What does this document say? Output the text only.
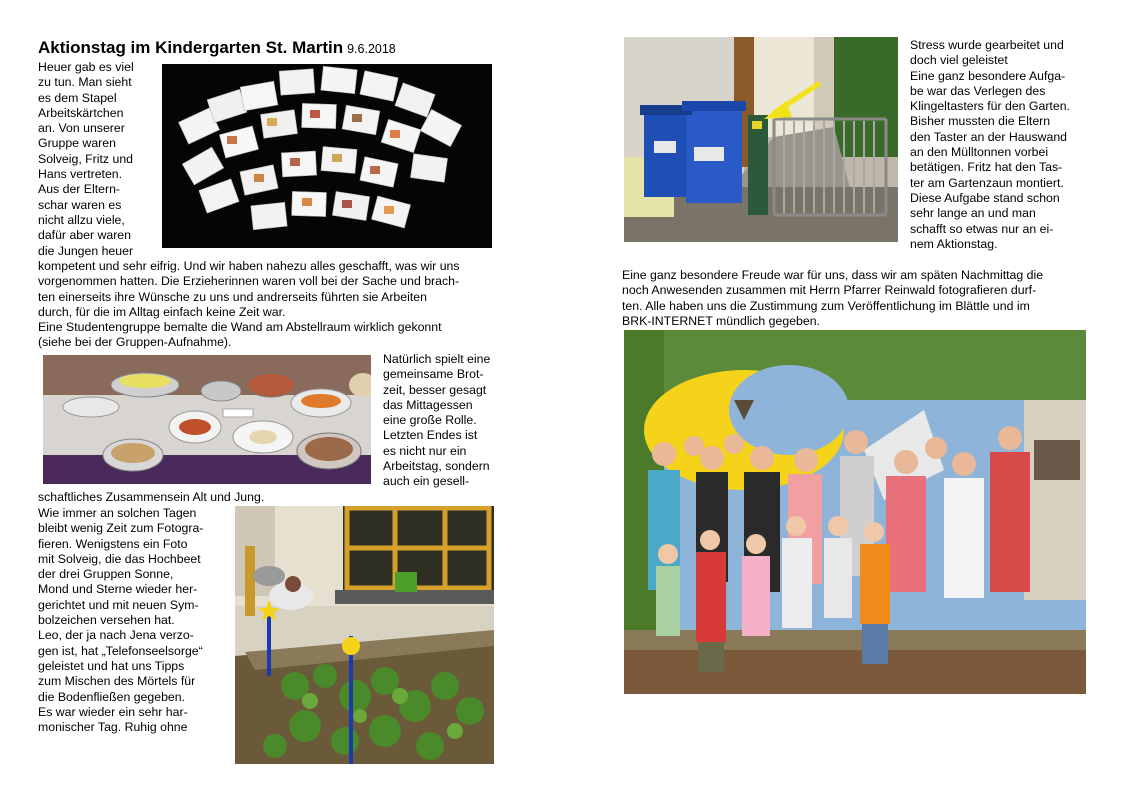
Aktionstag im Kindergarten St. Martin 9.6.2018
Heuer gab es viel
zu tun. Man sieht
es dem Stapel
Arbeitskärtchen
an. Von unserer
Gruppe waren
Solveig, Fritz und
Hans vertreten.
Aus der Eltern-
schar waren es
nicht allzu viele,
dafür aber waren
die Jungen heuer
kompetent und sehr eifrig. Und wir haben nahezu alles geschafft, was wir uns
vorgenommen hatten. Die Erzieherinnen waren voll bei der Sache und brach-
ten einerseits ihre Wünsche zu uns und andrerseits führten sie Arbeiten
durch, für die im Alltag einfach keine Zeit war.
Eine Studentengruppe bemalte die Wand am Abstellraum wirklich gekonnt
(siehe bei der Gruppen-Aufnahme).
Natürlich spielt eine
gemeinsame Brot-
zeit, besser gesagt
das Mittagessen
eine große Rolle.
Letzten Endes ist
es nicht nur ein
Arbeitstag, sondern
auch ein gesell-
schaftliches Zusammensein Alt und Jung.
Wie immer an solchen Tagen
bleibt wenig Zeit zum Fotogra-
fieren. Wenigstens ein Foto
mit Solveig, die das Hochbeet
der drei Gruppen Sonne,
Mond und Sterne wieder her-
gerichtet und mit neuen Sym-
bolzeichen versehen hat.
Leo, der ja nach Jena verzo-
gen ist, hat „Telefonseelsorge“
geleistet und hat uns Tipps
zum Mischen des Mörtels für
die Bodenfließen gegeben.
Es war wieder ein sehr har-
monischer Tag. Ruhig ohne
Stress wurde gearbeitet und
doch viel geleistet
Eine ganz besondere Aufga-
be war das Verlegen des
Klingeltasters für den Garten.
Bisher mussten die Eltern
den Taster an der Hauswand
an den Mülltonnen vorbei
betätigen. Fritz hat den Tas-
ter am Gartenzaun montiert.
Diese Aufgabe stand schon
sehr lange an und man
schafft so etwas nur an ei-
nem Aktionstag.
Eine ganz besondere Freude war für uns, dass wir am späten Nachmittag die
noch Anwesenden zusammen mit Herrn Pfarrer Reinwald fotografieren durf-
ten. Alle haben uns die Zustimmung zum Veröffentlichung im Blättle und im
BRK-INTERNET mündlich gegeben.
